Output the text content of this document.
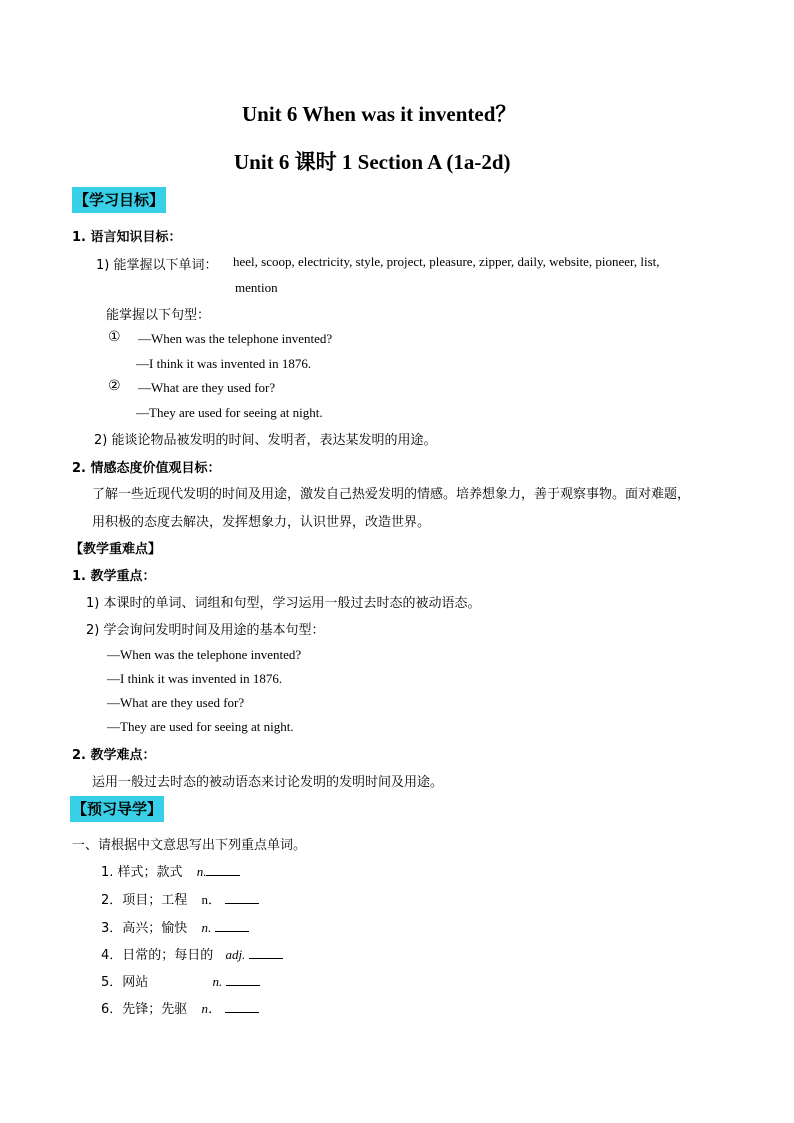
Unit 6 When was it invented？
Unit 6 课时 1 Section A (1a-2d)
【学习目标】
1. 语言知识目标：
1) 能掌握以下单词： heel, scoop, electricity, style, project, pleasure, zipper, daily, website, pioneer, list,
mention
能掌握以下句型：
① —When was the telephone invented?
—I think it was invented in 1876.
② —What are they used for?
—They are used for seeing at night.
2) 能谈论物品被发明的时间、发明者，表达某发明的用途。
2. 情感态度价值观目标：
了解一些近现代发明的时间及用途，激发自己热爱发明的情感。培养想象力，善于观察事物。面对难题，
用积极的态度去解决，发挥想象力，认识世界，改造世界。
【教学重难点】
1. 教学重点：
1) 本课时的单词、词组和句型，学习运用一般过去时态的被动语态。
2) 学会询问发明时间及用途的基本句型：
—When was the telephone invented?
—I think it was invented in 1876.
—What are they used for?
—They are used for seeing at night.
2. 教学难点：
运用一般过去时态的被动语态来讨论发明的发明时间及用途。
【预习导学】
一、请根据中文意思写出下列重点单词。
1. 样式；款式 n.
2．项目；工程 n．
3．高兴；愉快 n.
4．日常的；每日的 adj.
5．网站	n.
6．先锋；先驱 n．
